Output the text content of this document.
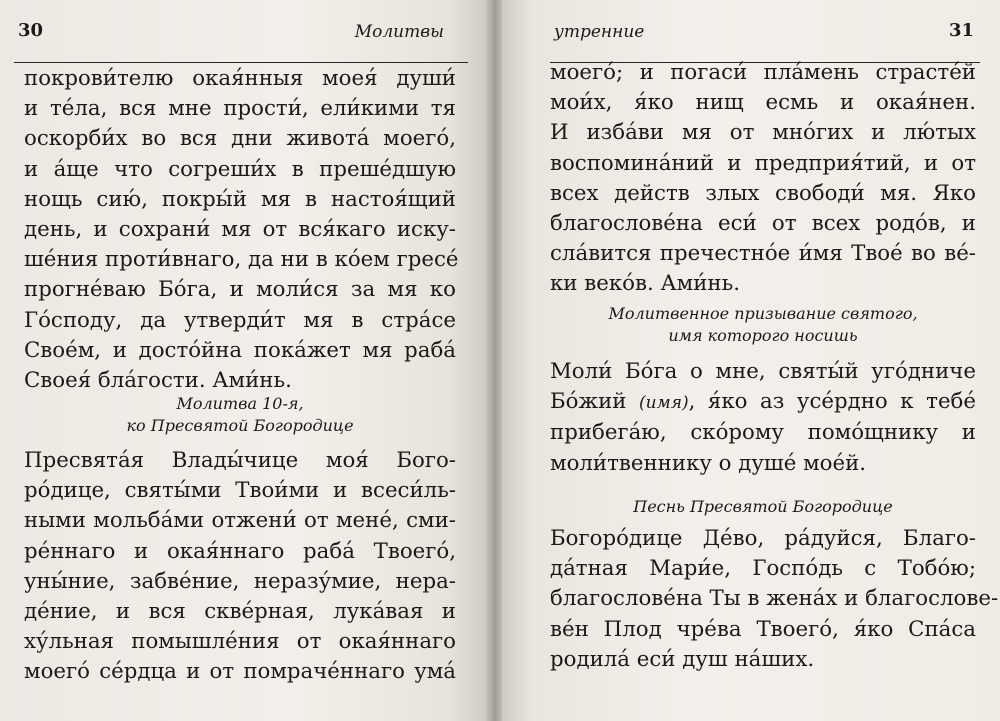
30	Молитвы

покрови́телю окая́нныя моея́ души́
и те́ла, вся мне прости́, ели́кими тя
оскорби́х во вся дни живота́ моего́,
и а́ще что согреши́х в преше́дшую
нощь сию́, покры́й мя в настоя́щий
день, и сохрани́ мя от вся́каго иску-
ше́ния проти́внаго, да ни в ко́ем гресе́
прогне́ваю Бо́га, и моли́ся за мя ко
Го́споду, да утверди́т мя в стра́се
Свое́м, и досто́йна пока́жет мя раба́
Своея́ бла́гости. Ами́нь.

Молитва 10-я,
ко Пресвятой Богородице

Пресвята́я Влады́чице моя́ Бого-
ро́дице, святы́ми Твои́ми и всеси́ль-
ными мольба́ми отжени́ от мене́, сми-
ре́ннаго и окая́ннаго раба́ Твоего́,
уны́ние, забве́ние, неразу́мие, нера-
де́ние, и вся скве́рная, лука́вая и
ху́льная помышле́ния от окая́ннаго
моего́ се́рдца и от помраче́ннаго ума́

утренние	31

моего́; и погаси́ пла́мень страсте́й
мои́х, я́ко нищ есмь и окая́нен.
И изба́ви мя от мно́гих и лю́тых
воспомина́ний и предприя́тий, и от
всех действ злых свободи́ мя. Яко
благослове́на еси́ от всех родо́в, и
сла́вится пречестно́е и́мя Твое́ во ве́-
ки веко́в. Ами́нь.

Молитвенное призывание святого,
имя которого носишь

Моли́ Бо́га о мне, святы́й уго́дниче
Бо́жий (имя), я́ко аз усе́рдно к тебе́
прибега́ю, ско́рому помо́щнику и
моли́твеннику о душе́ мое́й.

Песнь Пресвятой Богородице

Богоро́дице Де́во, ра́дуйся, Благо-
да́тная Мари́е, Госпо́дь с Тобо́ю;
благослове́на Ты в жена́х и благослове-
ве́н Плод чре́ва Твоего́, я́ко Спа́са
родила́ еси́ душ на́ших.
